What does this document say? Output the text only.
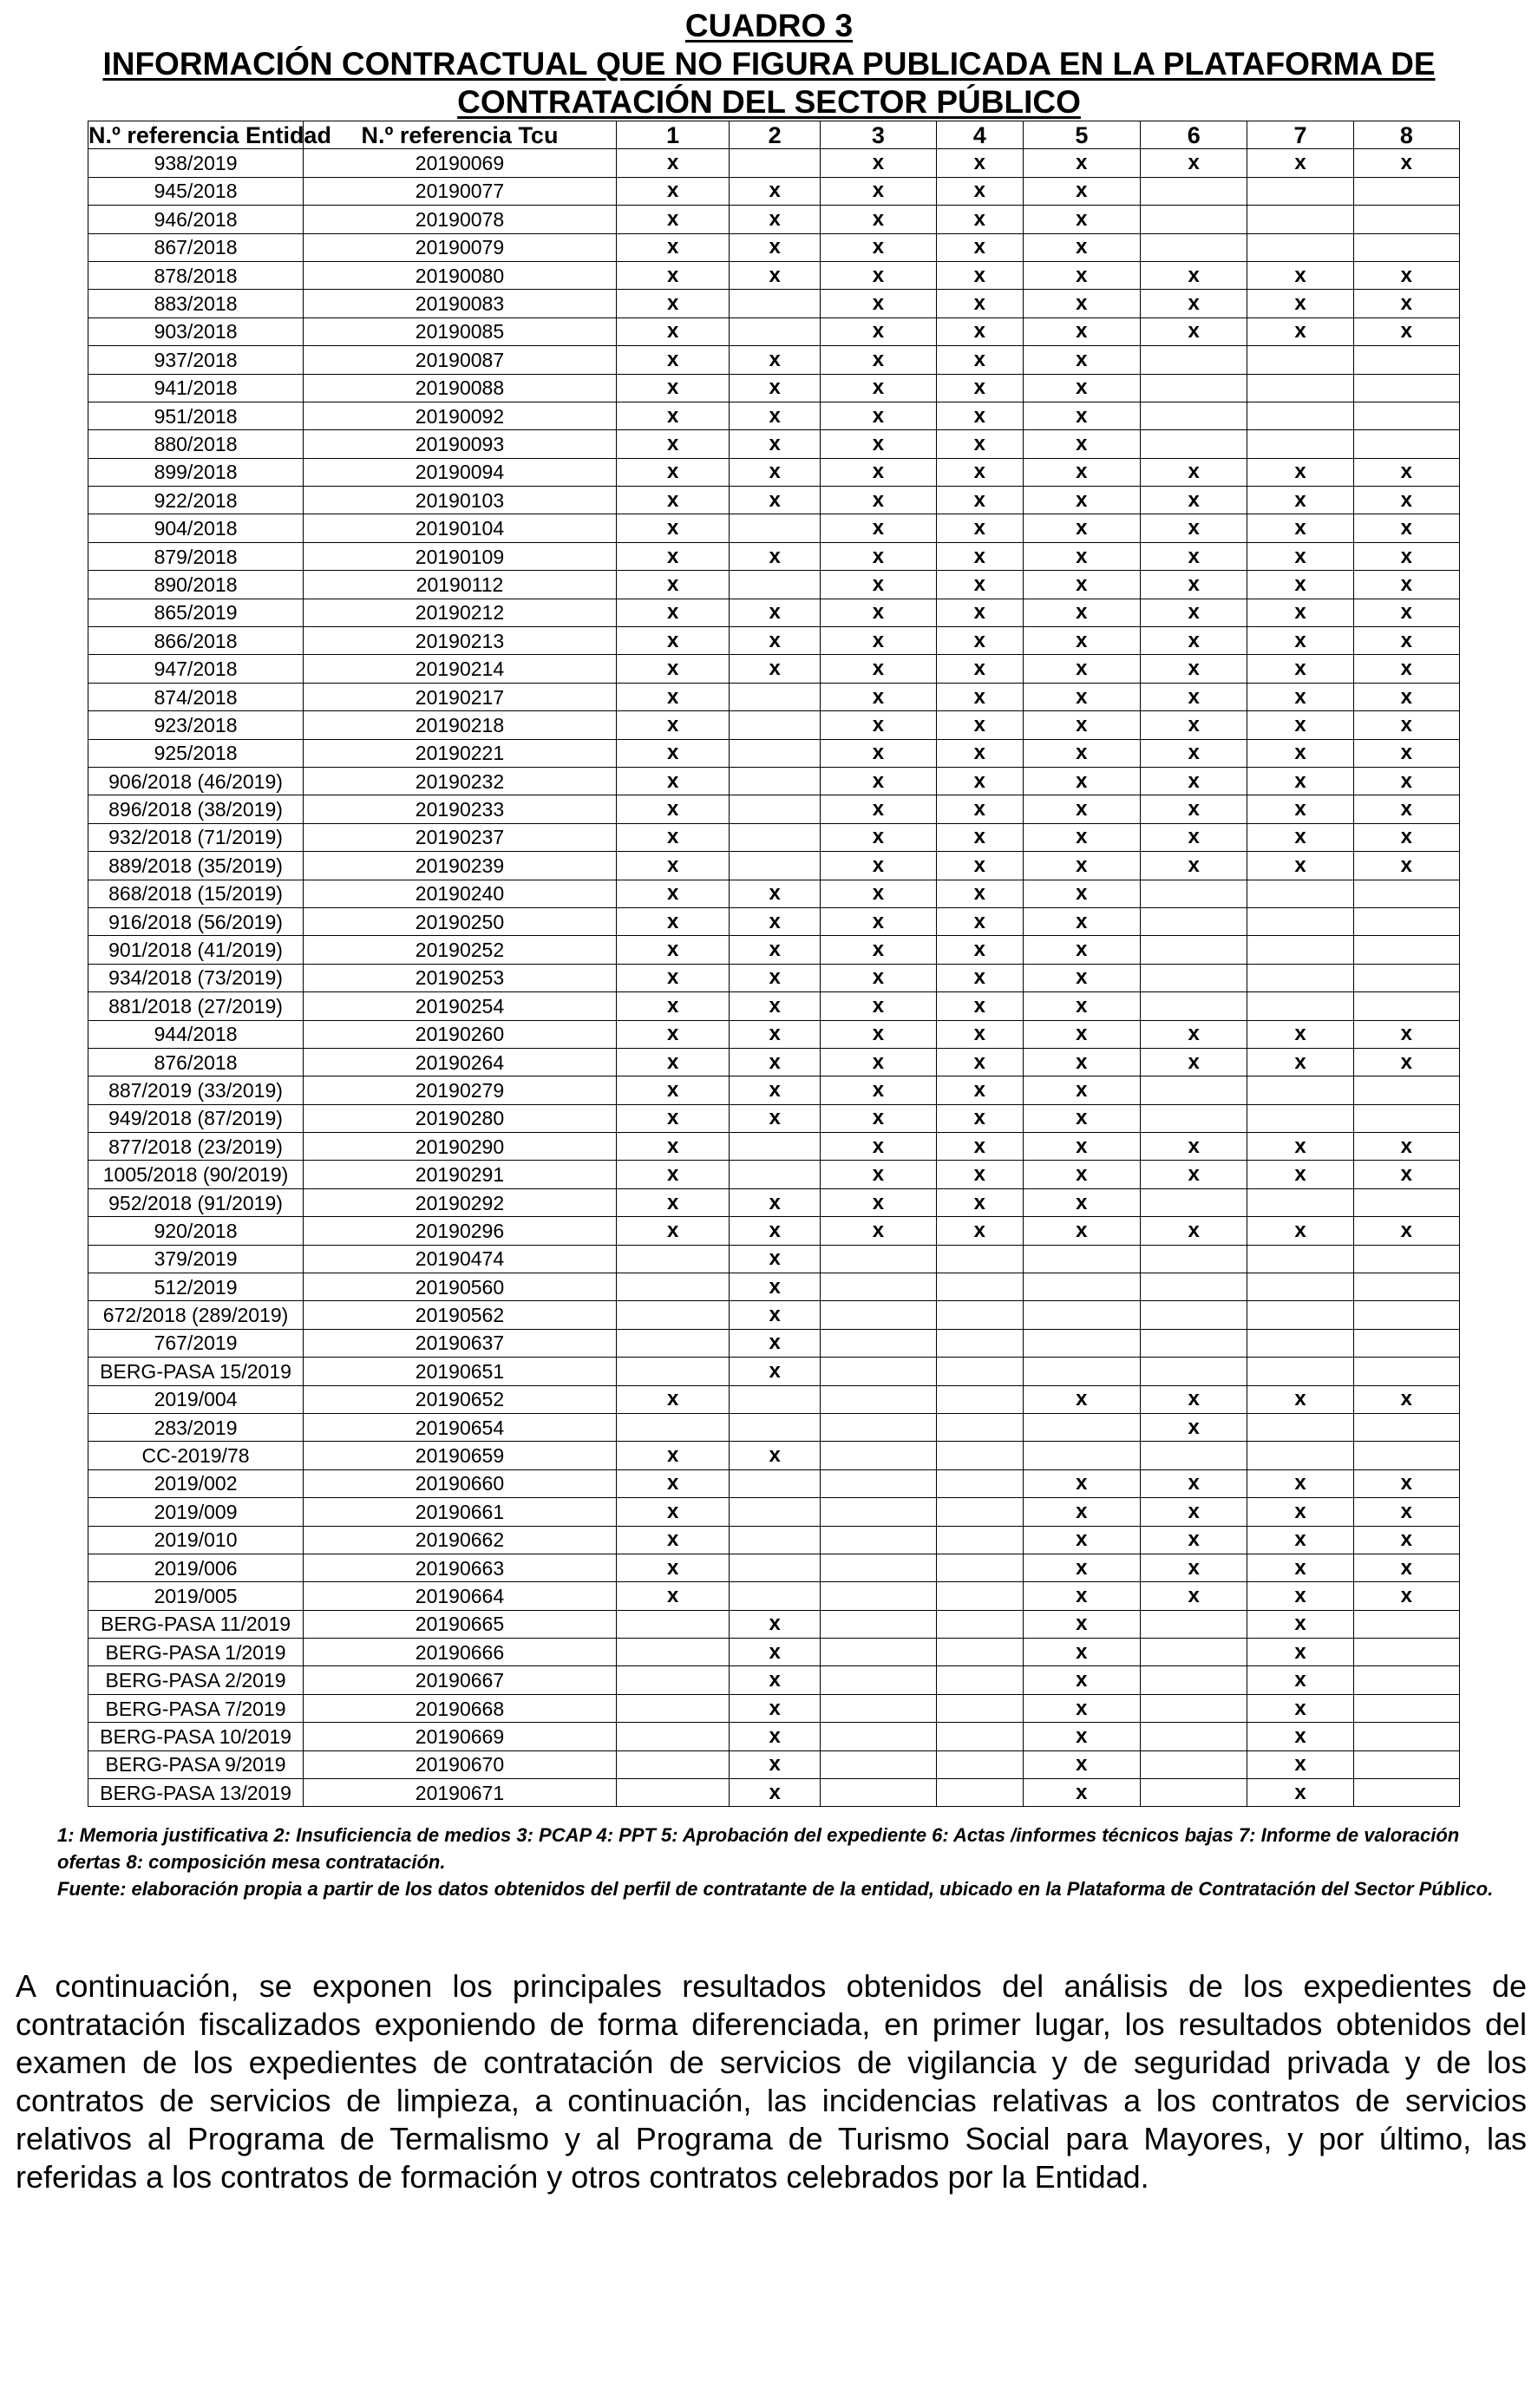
CUADRO 3
INFORMACIÓN CONTRACTUAL QUE NO FIGURA PUBLICADA EN LA PLATAFORMA DE
CONTRATACIÓN DEL SECTOR PÚBLICO
N.º referencia Entidad	N.º referencia Tcu	1	2	3	4	5	6	7	8
938/2019	20190069	x		x	x	x	x	x	x
945/2018	20190077	x	x	x	x	x			
946/2018	20190078	x	x	x	x	x			
867/2018	20190079	x	x	x	x	x			
878/2018	20190080	x	x	x	x	x	x	x	x
883/2018	20190083	x		x	x	x	x	x	x
903/2018	20190085	x		x	x	x	x	x	x
937/2018	20190087	x	x	x	x	x			
941/2018	20190088	x	x	x	x	x			
951/2018	20190092	x	x	x	x	x			
880/2018	20190093	x	x	x	x	x			
899/2018	20190094	x	x	x	x	x	x	x	x
922/2018	20190103	x	x	x	x	x	x	x	x
904/2018	20190104	x		x	x	x	x	x	x
879/2018	20190109	x	x	x	x	x	x	x	x
890/2018	20190112	x		x	x	x	x	x	x
865/2019	20190212	x	x	x	x	x	x	x	x
866/2018	20190213	x	x	x	x	x	x	x	x
947/2018	20190214	x	x	x	x	x	x	x	x
874/2018	20190217	x		x	x	x	x	x	x
923/2018	20190218	x		x	x	x	x	x	x
925/2018	20190221	x		x	x	x	x	x	x
906/2018 (46/2019)	20190232	x		x	x	x	x	x	x
896/2018 (38/2019)	20190233	x		x	x	x	x	x	x
932/2018 (71/2019)	20190237	x		x	x	x	x	x	x
889/2018 (35/2019)	20190239	x		x	x	x	x	x	x
868/2018 (15/2019)	20190240	x	x	x	x	x			
916/2018 (56/2019)	20190250	x	x	x	x	x			
901/2018 (41/2019)	20190252	x	x	x	x	x			
934/2018 (73/2019)	20190253	x	x	x	x	x			
881/2018 (27/2019)	20190254	x	x	x	x	x			
944/2018	20190260	x	x	x	x	x	x	x	x
876/2018	20190264	x	x	x	x	x	x	x	x
887/2019 (33/2019)	20190279	x	x	x	x	x			
949/2018 (87/2019)	20190280	x	x	x	x	x			
877/2018 (23/2019)	20190290	x		x	x	x	x	x	x
1005/2018 (90/2019)	20190291	x		x	x	x	x	x	x
952/2018 (91/2019)	20190292	x	x	x	x	x			
920/2018	20190296	x	x	x	x	x	x	x	x
379/2019	20190474		x						
512/2019	20190560		x						
672/2018 (289/2019)	20190562		x						
767/2019	20190637		x						
BERG-PASA 15/2019	20190651		x						
2019/004	20190652	x				x	x	x	x
283/2019	20190654						x		
CC-2019/78	20190659	x	x						
2019/002	20190660	x				x	x	x	x
2019/009	20190661	x				x	x	x	x
2019/010	20190662	x				x	x	x	x
2019/006	20190663	x				x	x	x	x
2019/005	20190664	x				x	x	x	x
BERG-PASA 11/2019	20190665		x			x		x	
BERG-PASA 1/2019	20190666		x			x		x	
BERG-PASA 2/2019	20190667		x			x		x	
BERG-PASA 7/2019	20190668		x			x		x	
BERG-PASA 10/2019	20190669		x			x		x	
BERG-PASA 9/2019	20190670		x			x		x	
BERG-PASA 13/2019	20190671		x			x		x	

1: Memoria justificativa 2: Insuficiencia de medios 3: PCAP 4: PPT 5: Aprobación del expediente 6: Actas /informes técnicos bajas 7: Informe de valoración ofertas 8: composición mesa contratación.

Fuente: elaboración propia a partir de los datos obtenidos del perfil de contratante de la entidad, ubicado en la Plataforma de Contratación del Sector Público.

A continuación, se exponen los principales resultados obtenidos del análisis de los expedientes de contratación fiscalizados exponiendo de forma diferenciada, en primer lugar, los resultados obtenidos del examen de los expedientes de contratación de servicios de vigilancia y de seguridad privada y de los contratos de servicios de limpieza, a continuación, las incidencias relativas a los contratos de servicios relativos al Programa de Termalismo y al Programa de Turismo Social para Mayores, y por último, las referidas a los contratos de formación y otros contratos celebrados por la Entidad.
